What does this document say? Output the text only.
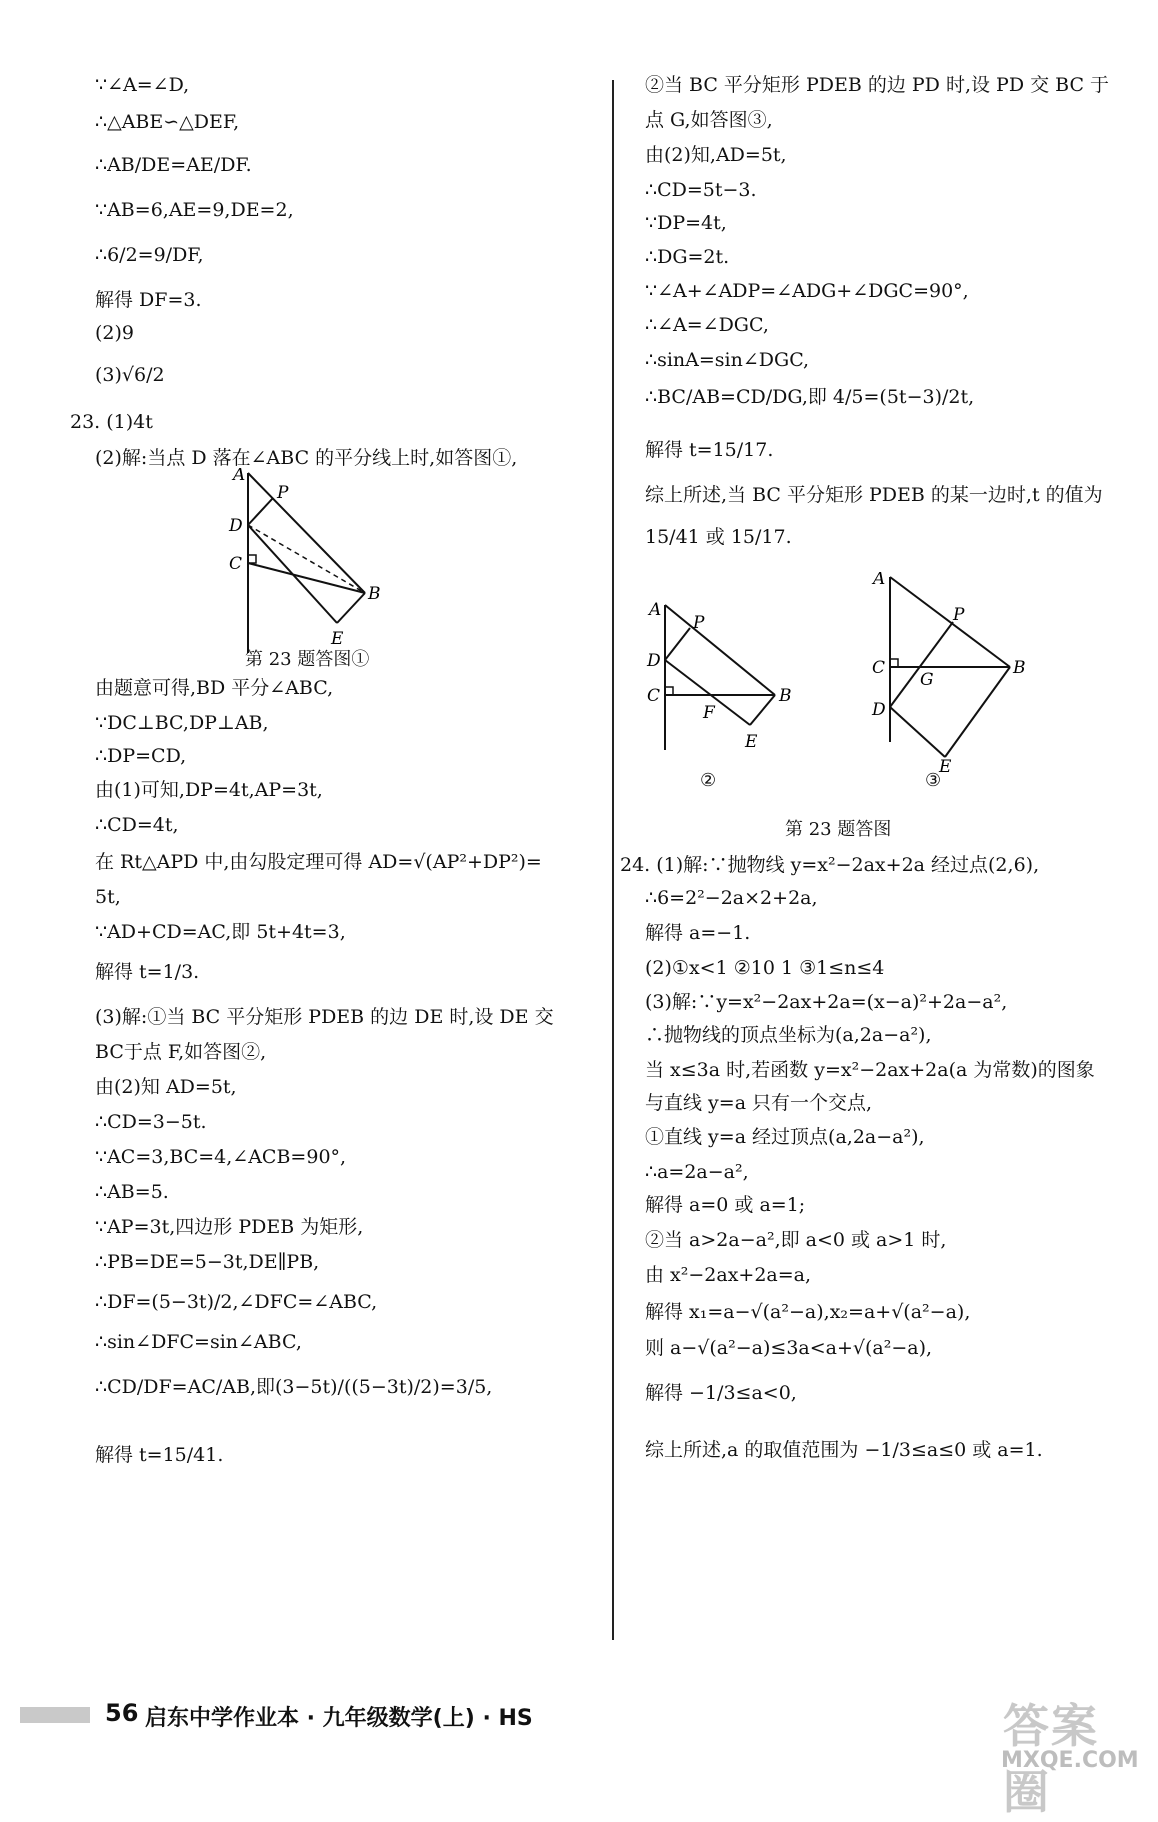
∵∠A=∠D,
∴△ABE∽△DEF,
∴AB/DE=AE/DF.
∵AB=6,AE=9,DE=2,
∴6/2=9/DF,
解得 DF=3.
(2)9
(3)√6/2
23. (1)4t
(2)解:当点 D 落在∠ABC 的平分线上时,如答图①,
A
P
D
C
B
E
第 23 题答图①
由题意可得,BD 平分∠ABC,
∵DC⊥BC,DP⊥AB,
∴DP=CD,
由(1)可知,DP=4t,AP=3t,
∴CD=4t,
在 Rt△APD 中,由勾股定理可得 AD=√(AP²+DP²)=
5t,
∵AD+CD=AC,即 5t+4t=3,
解得 t=1/3.
(3)解:①当 BC 平分矩形 PDEB 的边 DE 时,设 DE 交
BC于点 F,如答图②,
由(2)知 AD=5t,
∴CD=3−5t.
∵AC=3,BC=4,∠ACB=90°,
∴AB=5.
∵AP=3t,四边形 PDEB 为矩形,
∴PB=DE=5−3t,DE∥PB,
∴DF=(5−3t)/2,∠DFC=∠ABC,
∴sin∠DFC=sin∠ABC,
∴CD/DF=AC/AB,即(3−5t)/((5−3t)/2)=3/5,
解得 t=15/41.
②当 BC 平分矩形 PDEB 的边 PD 时,设 PD 交 BC 于
点 G,如答图③,
由(2)知,AD=5t,
∴CD=5t−3.
∵DP=4t,
∴DG=2t.
∵∠A+∠ADP=∠ADG+∠DGC=90°,
∴∠A=∠DGC,
∴sinA=sin∠DGC,
∴BC/AB=CD/DG,即 4/5=(5t−3)/2t,
解得 t=15/17.
综上所述,当 BC 平分矩形 PDEB 的某一边时,t 的值为
15/41 或 15/17.
A
P
D
C
F
B
E
②
A
P
C
G
B
D
E
③
第 23 题答图
24. (1)解:∵抛物线 y=x²−2ax+2a 经过点(2,6),
∴6=2²−2a×2+2a,
解得 a=−1.
(2)①x<1 ②10 1 ③1≤n≤4
(3)解:∵y=x²−2ax+2a=(x−a)²+2a−a²,
∴抛物线的顶点坐标为(a,2a−a²),
当 x≤3a 时,若函数 y=x²−2ax+2a(a 为常数)的图象
与直线 y=a 只有一个交点,
①直线 y=a 经过顶点(a,2a−a²),
∴a=2a−a²,
解得 a=0 或 a=1;
②当 a>2a−a²,即 a<0 或 a>1 时,
由 x²−2ax+2a=a,
解得 x₁=a−√(a²−a),x₂=a+√(a²−a),
则 a−√(a²−a)≤3a<a+√(a²−a),
解得 −1/3≤a<0,
综上所述,a 的取值范围为 −1/3≤a≤0 或 a=1.
56 启东中学作业本 · 九年级数学(上) · HS	答案圈
MXQE.COM
